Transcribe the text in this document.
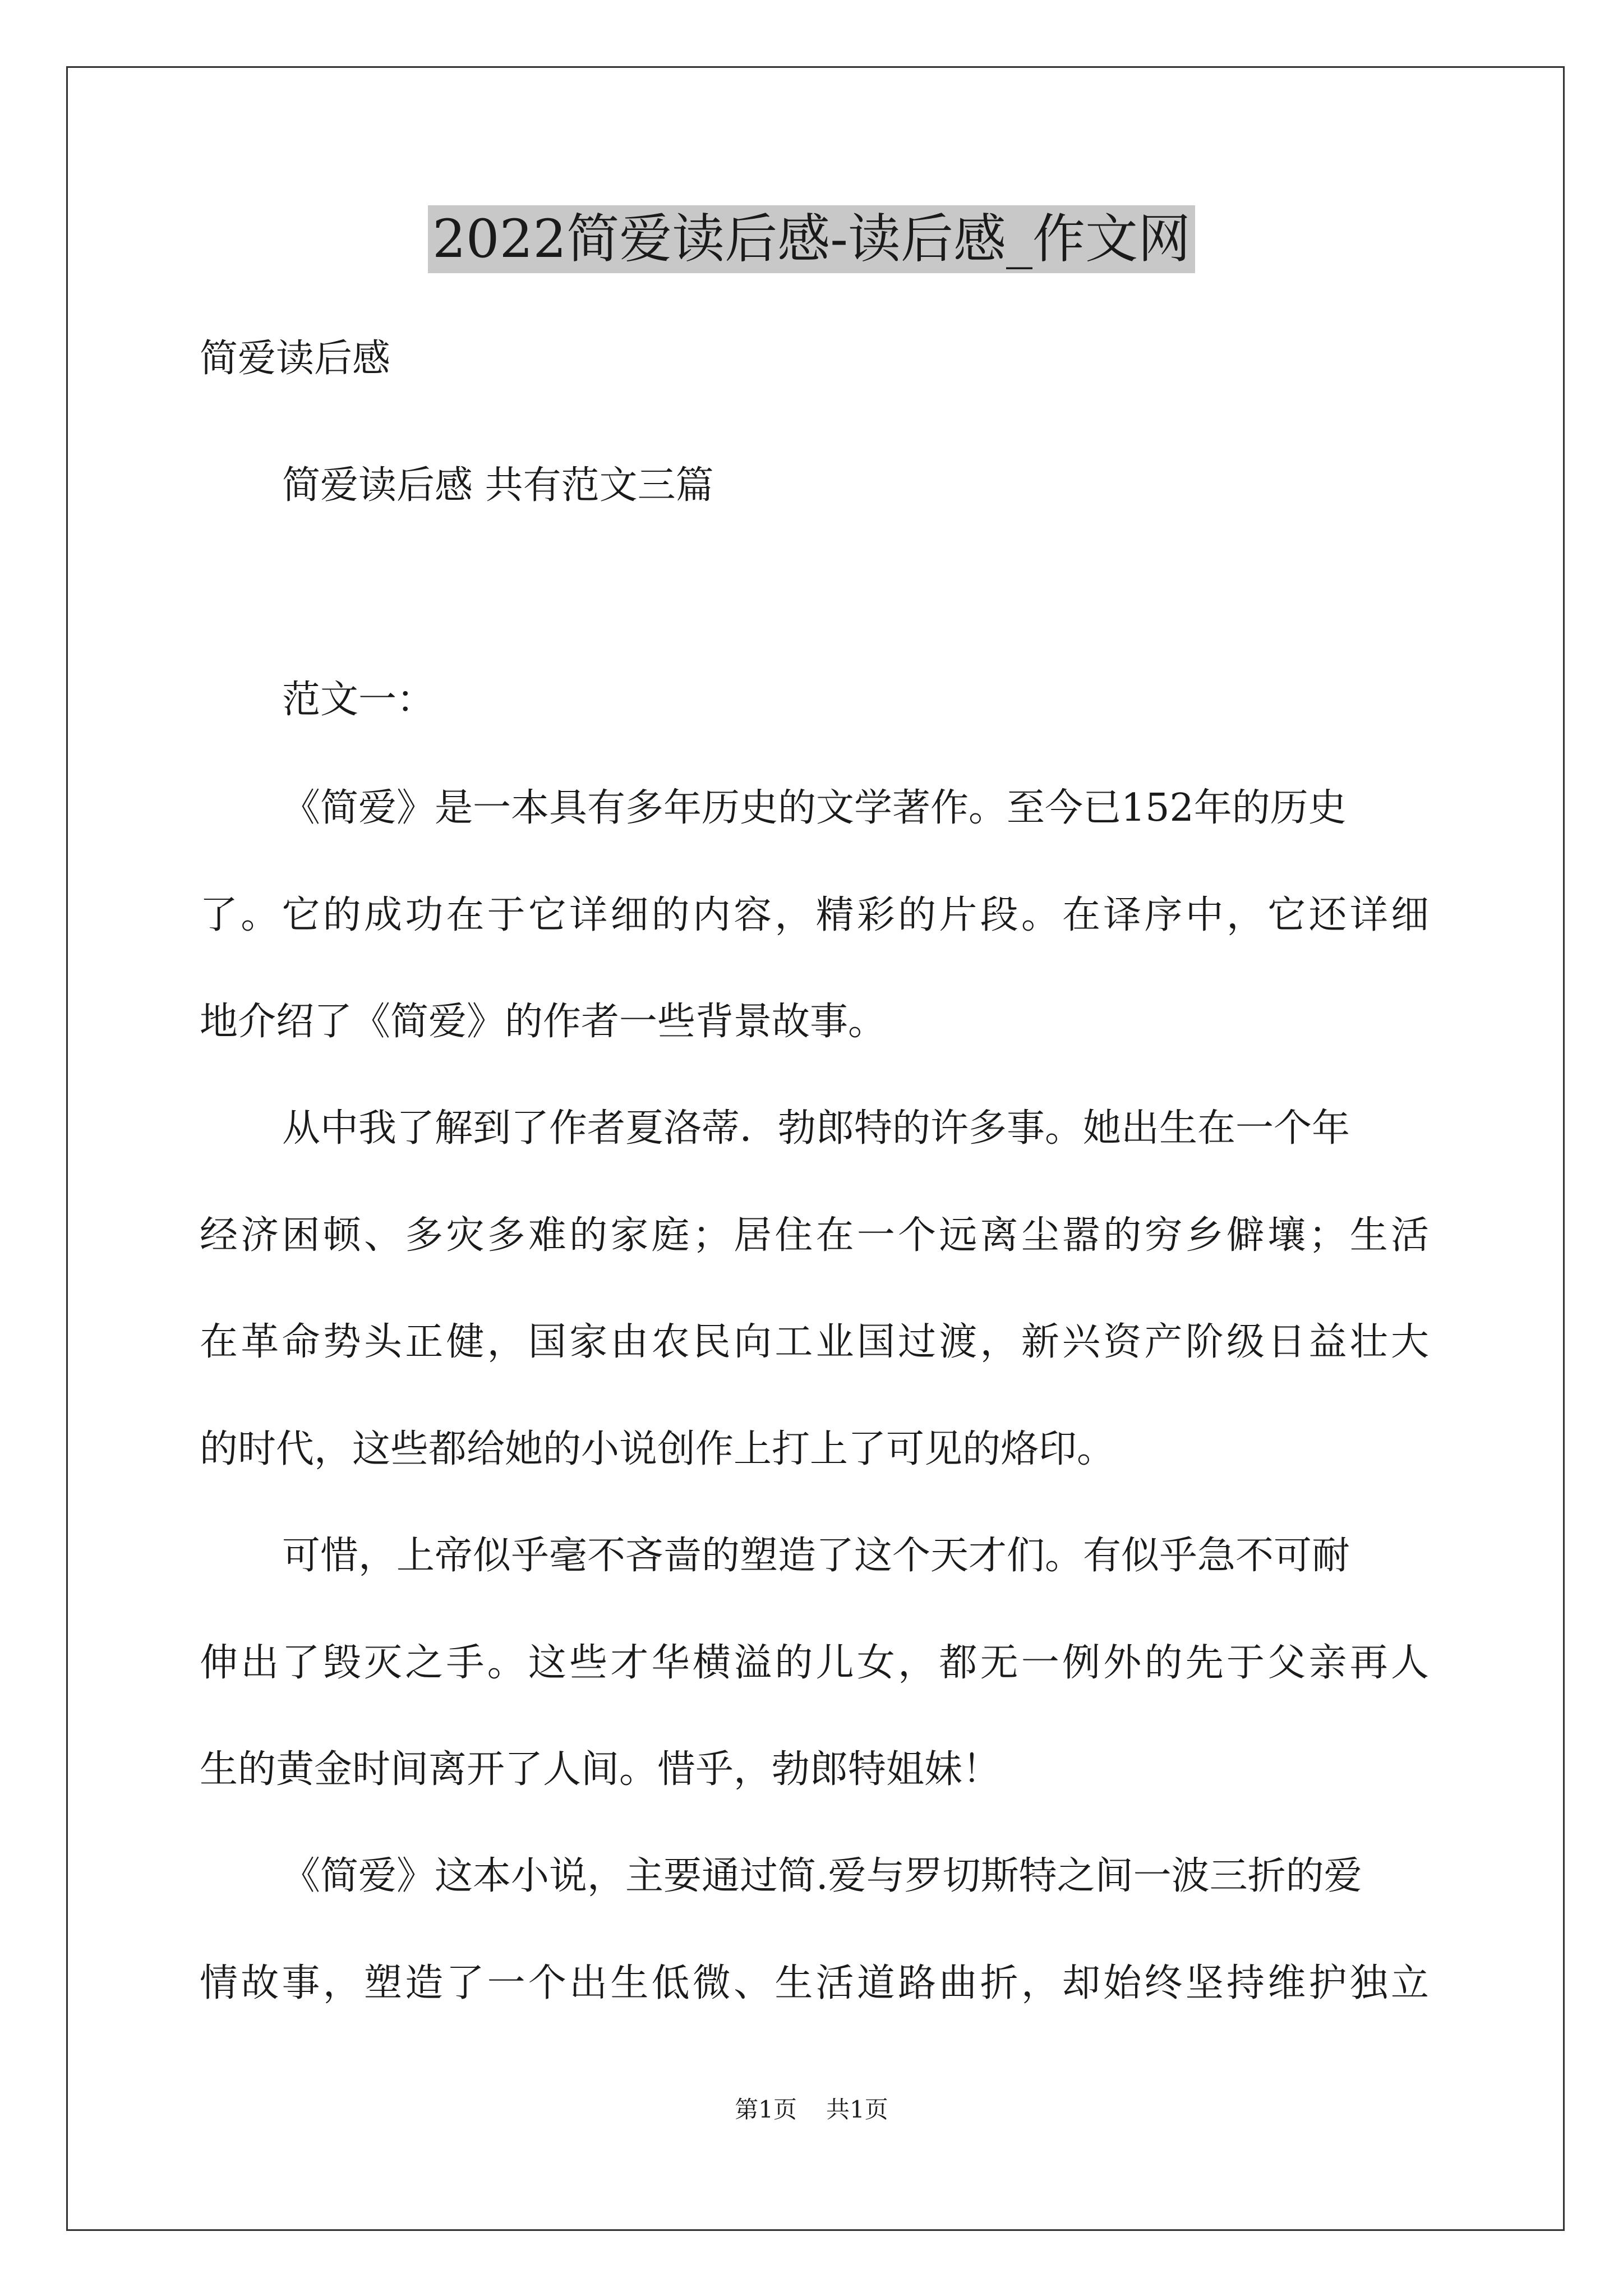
2022简爱读后感-读后感_作文网

简爱读后感

简爱读后感 共有范文三篇

范文一：

《简爱》是一本具有多年历史的文学著作。至今已152年的历史

了。它的成功在于它详细的内容，精彩的片段。在译序中，它还详细

地介绍了《简爱》的作者一些背景故事。

从中我了解到了作者夏洛蒂．勃郎特的许多事。她出生在一个年

经济困顿、多灾多难的家庭；居住在一个远离尘嚣的穷乡僻壤；生活

在革命势头正健，国家由农民向工业国过渡，新兴资产阶级日益壮大

的时代，这些都给她的小说创作上打上了可见的烙印。

可惜，上帝似乎毫不吝啬的塑造了这个天才们。有似乎急不可耐

伸出了毁灭之手。这些才华横溢的儿女，都无一例外的先于父亲再人

生的黄金时间离开了人间。惜乎，勃郎特姐妹！

《简爱》这本小说，主要通过简.爱与罗切斯特之间一波三折的爱

情故事，塑造了一个出生低微、生活道路曲折，却始终坚持维护独立

第1页 共1页
